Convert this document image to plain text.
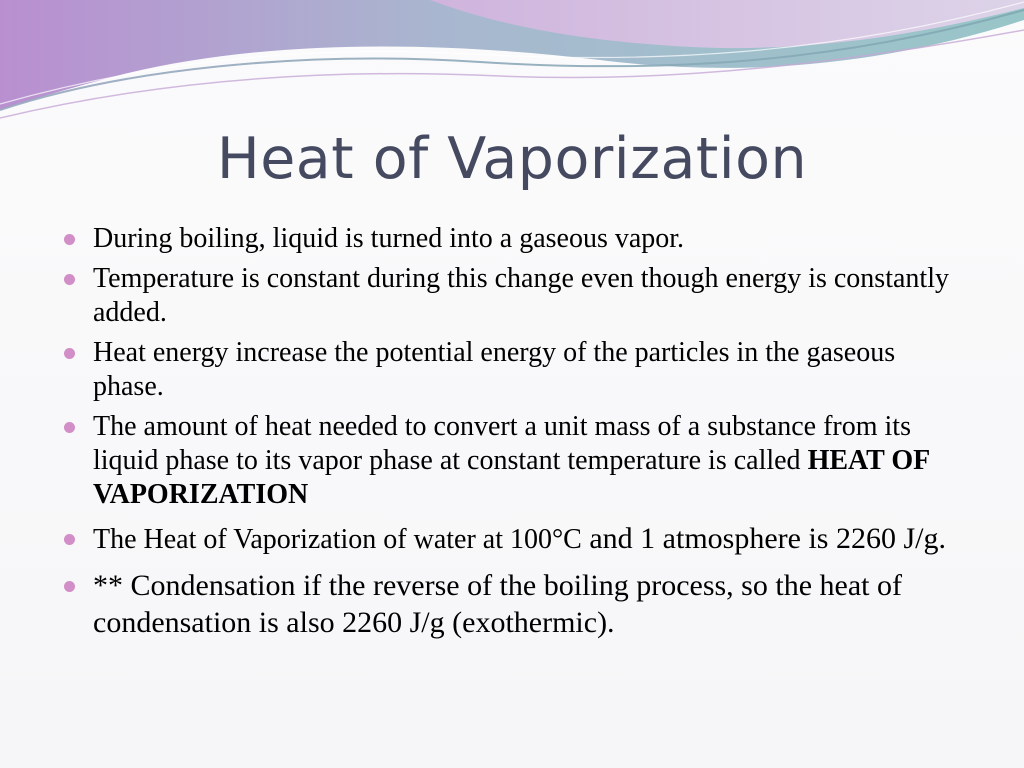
Heat of Vaporization
During boiling, liquid is turned into a gaseous vapor.
Temperature is constant during this change even though energy is constantly added.
Heat energy increase the potential energy of the particles in the gaseous phase.
The amount of heat needed to convert a unit mass of a substance from its liquid phase to its vapor phase at constant temperature is called HEAT OF VAPORIZATION
The Heat of Vaporization of water at 100°C and 1 atmosphere is 2260 J/g.
** Condensation if the reverse of the boiling process, so the heat of condensation is also 2260 J/g (exothermic).
